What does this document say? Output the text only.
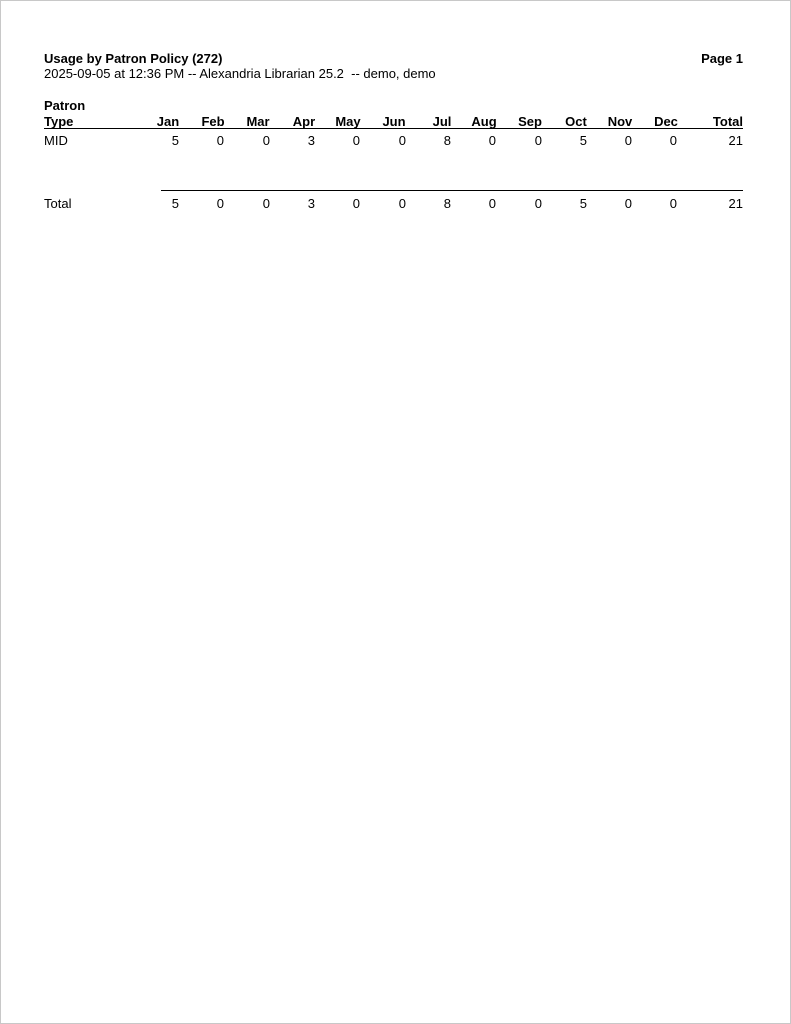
Usage by Patron Policy (272)	Page 1
2025-09-05 at 12:36 PM -- Alexandria Librarian 25.2  -- demo, demo
Patron
Type	Jan	Feb	Mar	Apr	May	Jun	Jul	Aug	Sep	Oct	Nov	Dec	Total
MID	5	0	0	3	0	0	8	0	0	5	0	0	21
Total	5	0	0	3	0	0	8	0	0	5	0	0	21
